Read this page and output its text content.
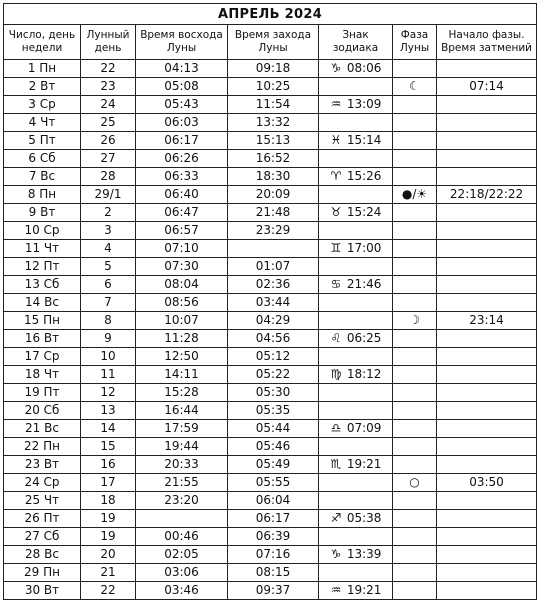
АПРЕЛЬ 2024						
Число, день недели	Лунный день	Время восхода Луны	Время захода Луны	Знак зодиака	Фаза Луны	Начало фазы. Время затмений
1 Пн	22	04:13	09:18	♑ 08:06		
2 Вт	23	05:08	10:25		☾	07:14
3 Ср	24	05:43	11:54	♒ 13:09		
4 Чт	25	06:03	13:32			
5 Пт	26	06:17	15:13	♓ 15:14		
6 Сб	27	06:26	16:52			
7 Вс	28	06:33	18:30	♈ 15:26		
8 Пн	29/1	06:40	20:09		●/☀	22:18/22:22
9 Вт	2	06:47	21:48	♉ 15:24		
10 Ср	3	06:57	23:29			
11 Чт	4	07:10		♊ 17:00		
12 Пт	5	07:30	01:07			
13 Сб	6	08:04	02:36	♋ 21:46		
14 Вс	7	08:56	03:44			
15 Пн	8	10:07	04:29		☽	23:14
16 Вт	9	11:28	04:56	♌ 06:25		
17 Ср	10	12:50	05:12			
18 Чт	11	14:11	05:22	♍ 18:12		
19 Пт	12	15:28	05:30			
20 Сб	13	16:44	05:35			
21 Вс	14	17:59	05:44	♎ 07:09		
22 Пн	15	19:44	05:46			
23 Вт	16	20:33	05:49	♏ 19:21		
24 Ср	17	21:55	05:55		○	03:50
25 Чт	18	23:20	06:04			
26 Пт	19		06:17	♐ 05:38		
27 Сб	19	00:46	06:39			
28 Вс	20	02:05	07:16	♑ 13:39		
29 Пн	21	03:06	08:15			
30 Вт	22	03:46	09:37	♒ 19:21		
